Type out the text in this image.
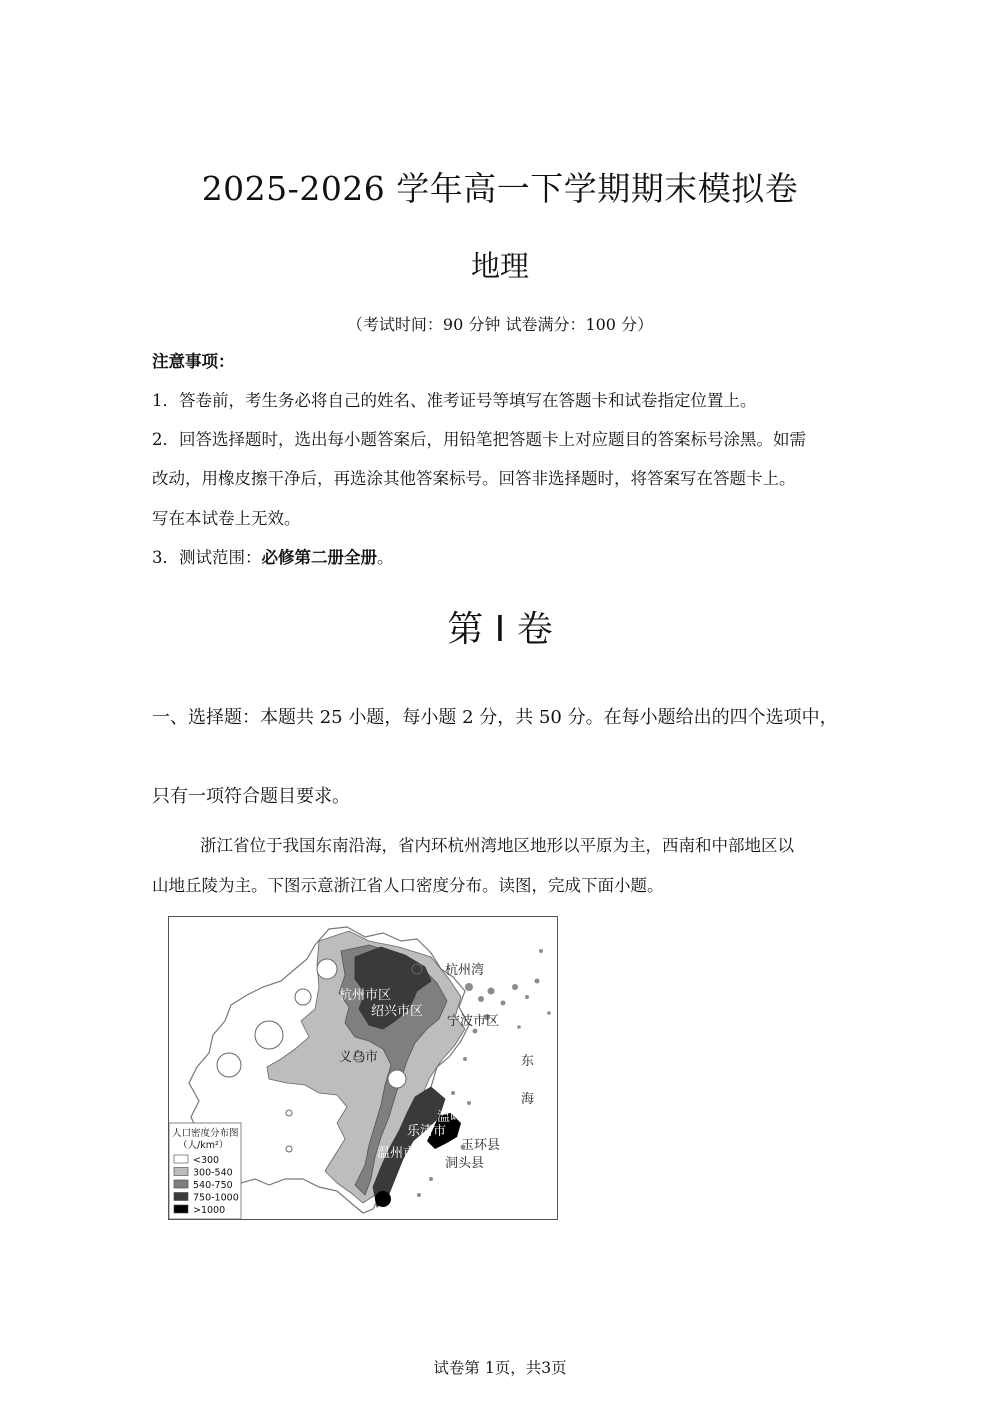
2025-2026 学年高一下学期期末模拟卷
地理
（考试时间：90 分钟 试卷满分：100 分）
注意事项：
1．答卷前，考生务必将自己的姓名、准考证号等填写在答题卡和试卷指定位置上。
2．回答选择题时，选出每小题答案后，用铅笔把答题卡上对应题目的答案标号涂黑。如需
改动，用橡皮擦干净后，再选涂其他答案标号。回答非选择题时，将答案写在答题卡上。
写在本试卷上无效。
3．测试范围：必修第二册全册。
第 Ⅰ 卷
一、选择题：本题共 25 小题，每小题 2 分，共 50 分。在每小题给出的四个选项中，
只有一项符合题目要求。
浙江省位于我国东南沿海，省内环杭州湾地区地形以平原为主，西南和中部地区以
山地丘陵为主。下图示意浙江省人口密度分布。读图，完成下面小题。
杭州湾
杭州市区
绍兴市区
宁波市区
义乌市	东
海
温岭市
乐清市
玉环县
温州市区
洞头县
人口密度分布图
（人/km²）
<300
300-540
540-750
750-1000
>1000
试卷第 1页，共3页
